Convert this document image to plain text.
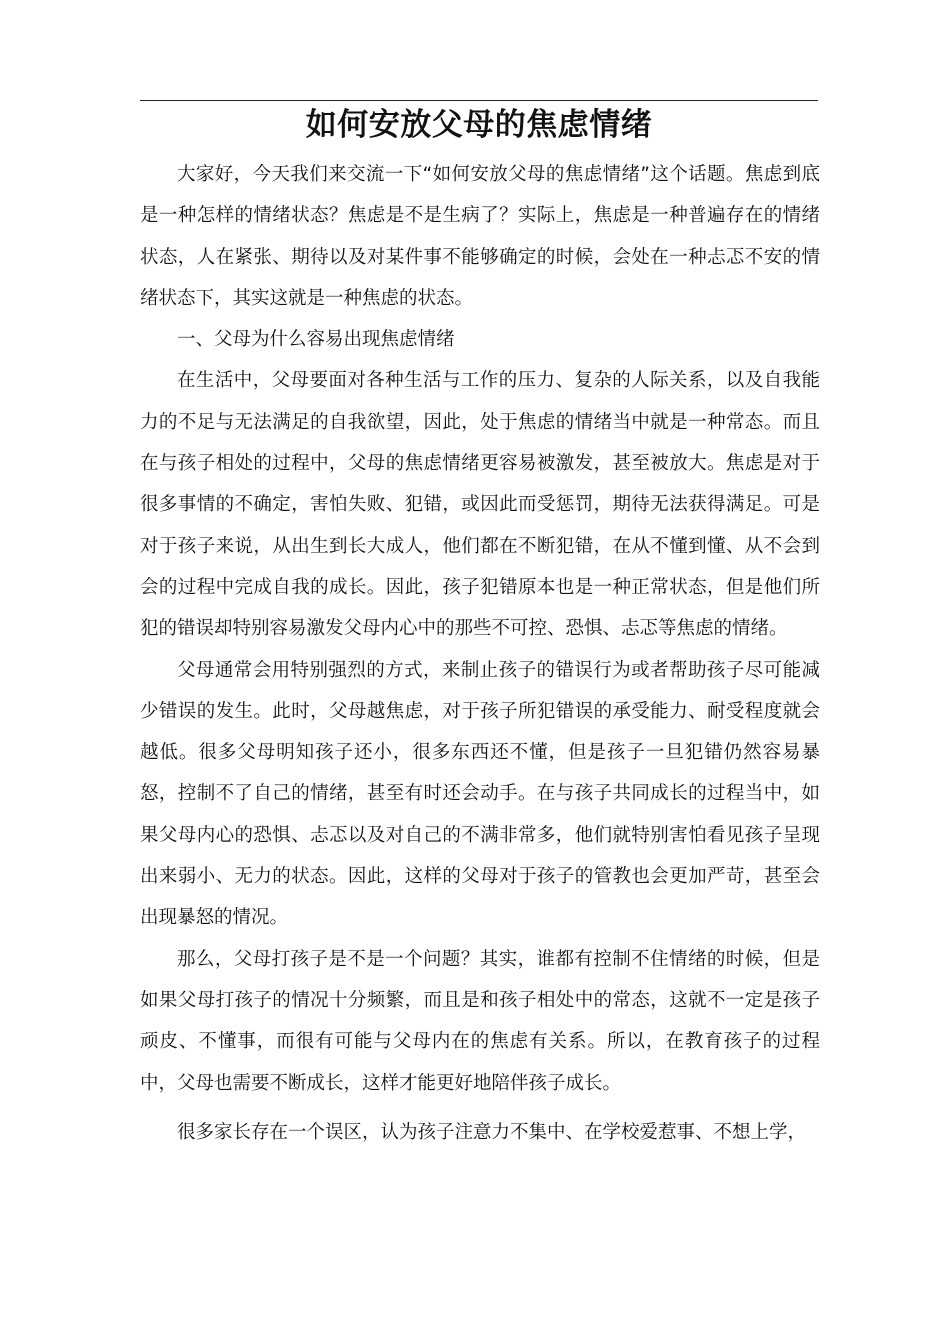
如何安放父母的焦虑情绪

大家好，今天我们来交流一下“如何安放父母的焦虑情绪”这个话题。焦虑到底是一种怎样的情绪状态？焦虑是不是生病了？实际上，焦虑是一种普遍存在的情绪状态，人在紧张、期待以及对某件事不能够确定的时候，会处在一种忐忑不安的情绪状态下，其实这就是一种焦虑的状态。

一、父母为什么容易出现焦虑情绪

在生活中，父母要面对各种生活与工作的压力、复杂的人际关系，以及自我能力的不足与无法满足的自我欲望，因此，处于焦虑的情绪当中就是一种常态。而且在与孩子相处的过程中，父母的焦虑情绪更容易被激发，甚至被放大。焦虑是对于很多事情的不确定，害怕失败、犯错，或因此而受惩罚，期待无法获得满足。可是对于孩子来说，从出生到长大成人，他们都在不断犯错，在从不懂到懂、从不会到会的过程中完成自我的成长。因此，孩子犯错原本也是一种正常状态，但是他们所犯的错误却特别容易激发父母内心中的那些不可控、恐惧、忐忑等焦虑的情绪。

父母通常会用特别强烈的方式，来制止孩子的错误行为或者帮助孩子尽可能减少错误的发生。此时，父母越焦虑，对于孩子所犯错误的承受能力、耐受程度就会越低。很多父母明知孩子还小，很多东西还不懂，但是孩子一旦犯错仍然容易暴怒，控制不了自己的情绪，甚至有时还会动手。在与孩子共同成长的过程当中，如果父母内心的恐惧、忐忑以及对自己的不满非常多，他们就特别害怕看见孩子呈现出来弱小、无力的状态。因此，这样的父母对于孩子的管教也会更加严苛，甚至会出现暴怒的情况。

那么，父母打孩子是不是一个问题？其实，谁都有控制不住情绪的时候，但是如果父母打孩子的情况十分频繁，而且是和孩子相处中的常态，这就不一定是孩子顽皮、不懂事，而很有可能与父母内在的焦虑有关系。所以，在教育孩子的过程中，父母也需要不断成长，这样才能更好地陪伴孩子成长。

很多家长存在一个误区，认为孩子注意力不集中、在学校爱惹事、不想上学，
